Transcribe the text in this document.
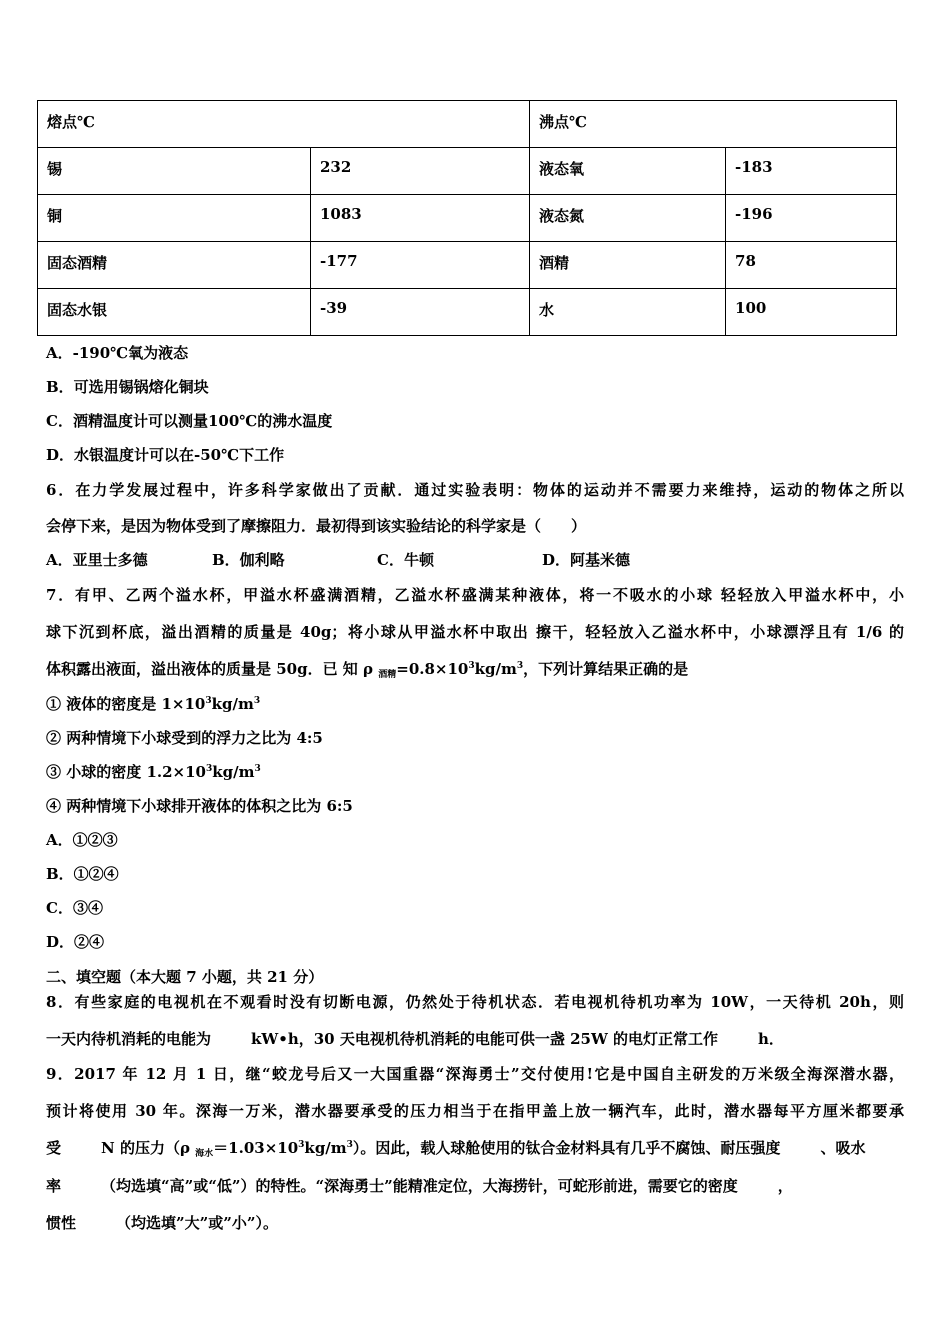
熔点℃		沸点℃	
锡	232	液态氧	-183
铜	1083	液态氮	-196
固态酒精	-177	酒精	78
固态水银	-39	水	100
A．-190℃氧为液态
B．可选用锡锅熔化铜块
C．酒精温度计可以测量100℃的沸水温度
D．水银温度计可以在-50℃下工作
6．在力学发展过程中，许多科学家做出了贡献．通过实验表明：物体的运动并不需要力来维持，运动的物体之所以
会停下来，是因为物体受到了摩擦阻力．最初得到该实验结论的科学家是（　　）
A．亚里士多德	B．伽利略	C．牛顿	D．阿基米德
7．有甲、乙两个溢水杯，甲溢水杯盛满酒精，乙溢水杯盛满某种液体，将一不吸水的小球 轻轻放入甲溢水杯中，小
球下沉到杯底，溢出酒精的质量是 40g；将小球从甲溢水杯中取出 擦干，轻轻放入乙溢水杯中，小球漂浮且有 1/6 的
体积露出液面，溢出液体的质量是 50g．已 知 ρ $_{酒精}=0.8\times 10^3kg/m^3$，下列计算结果正确的是
① 液体的密度是 $1\times 10^3kg/m^3$
② 两种情境下小球受到的浮力之比为 4:5
③ 小球的密度 $1.2\times 10^3kg/m^3$
④ 两种情境下小球排开液体的体积之比为 6:5
A．①②③
B．①②④
C．③④
D．②④
二、填空题（本大题 7 小题，共 21 分）
8．有些家庭的电视机在不观看时没有切断电源，仍然处于待机状态．若电视机待机功率为 10W，一天待机 20h，则
一天内待机消耗的电能为	kW•h，30 天电视机待机消耗的电能可供一盏 25W 的电灯正常工作	h．
9．2017 年 12 月 1 日，继“蛟龙号后又一大国重器“深海勇士”交付使用!它是中国自主研发的万米级全海深潜水器，
预计将使用 30 年。深海一万米，潜水器要承受的压力相当于在指甲盖上放一辆汽车，此时，潜水器每平方厘米都要承
受	N 的压力（ρ $_{海水}=1.03\times 10^3kg/m^3$）。因此，载人球舱使用的钛合金材料具有几乎不腐蚀、耐压强度	、吸水
率	（均选填“高”或“低”）的特性。“深海勇士”能精准定位，大海捞针，可蛇形前进，需要它的密度	，
惯性	（均选填”大”或”小”）。
